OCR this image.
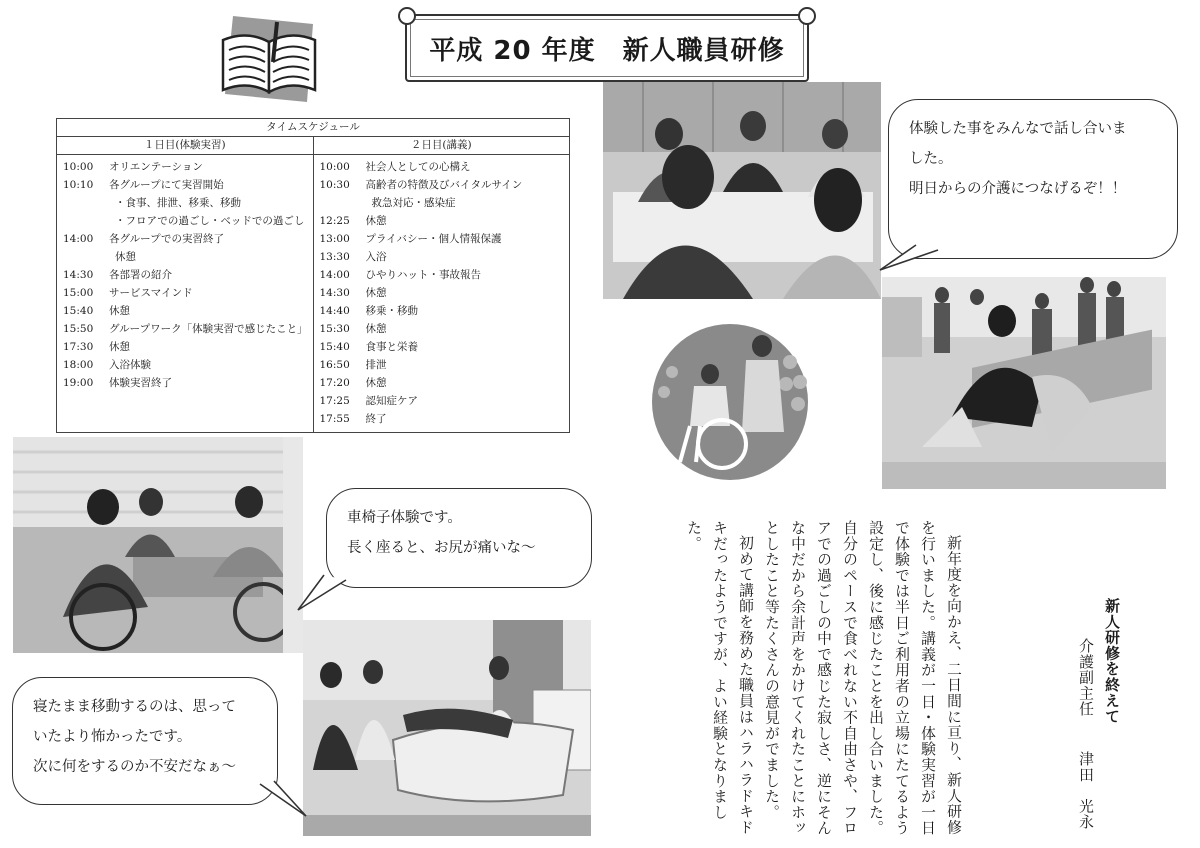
平成 20 年度　新人職員研修
タイムスケジュール
１日目(体験実習)
10:00	オリエンテーション
10:10	各グループにて実習開始
・食事、排泄、移乗、移動
・フロアでの過ごし・ベッドでの過ごし
14:00	各グループでの実習終了
休憩
14:30	各部署の紹介
15:00	サービスマインド
15:40	休憩
15:50	グループワーク「体験実習で感じたこと」
17:30	休憩
18:00	入浴体験
19:00	体験実習終了
２日目(講義)
10:00	社会人としての心構え
10:30	高齢者の特徴及びバイタルサイン
救急対応・感染症
12:25	休憩
13:00	プライバシー・個人情報保護
13:30	入浴
14:00	ひやりハット・事故報告
14:30	休憩
14:40	移乗・移動
15:30	休憩
15:40	食事と栄養
16:50	排泄
17:20	休憩
17:25	認知症ケア
17:55	終了

体験した事をみんなで話し合いま

した。

明日からの介護につなげるぞ！！

車椅子体験です。

長く座ると、お尻が痛いな～

寝たまま移動するのは、思って

いたより怖かったです。

次に何をするのか不安だなぁ～	新年度を向かえ、二日間に亘り、新人研修を行いました。講義が一日・体験実習が一日で体験では半日ご利用者の立場にたてるよう設定し、後に感じたことを出し合いました。自分のペースで食べれない不自由さや、フロアでの過ごしの中で感じた寂しさ、逆にそんな中だから余計声をかけてくれたことにホッとしたこと等たくさんの意見がでました。

初めて講師を務めた職員はハラハラドキドキだったようですが、よい経験となりました。

新人研修を終えて
介護副主任津田　光永
